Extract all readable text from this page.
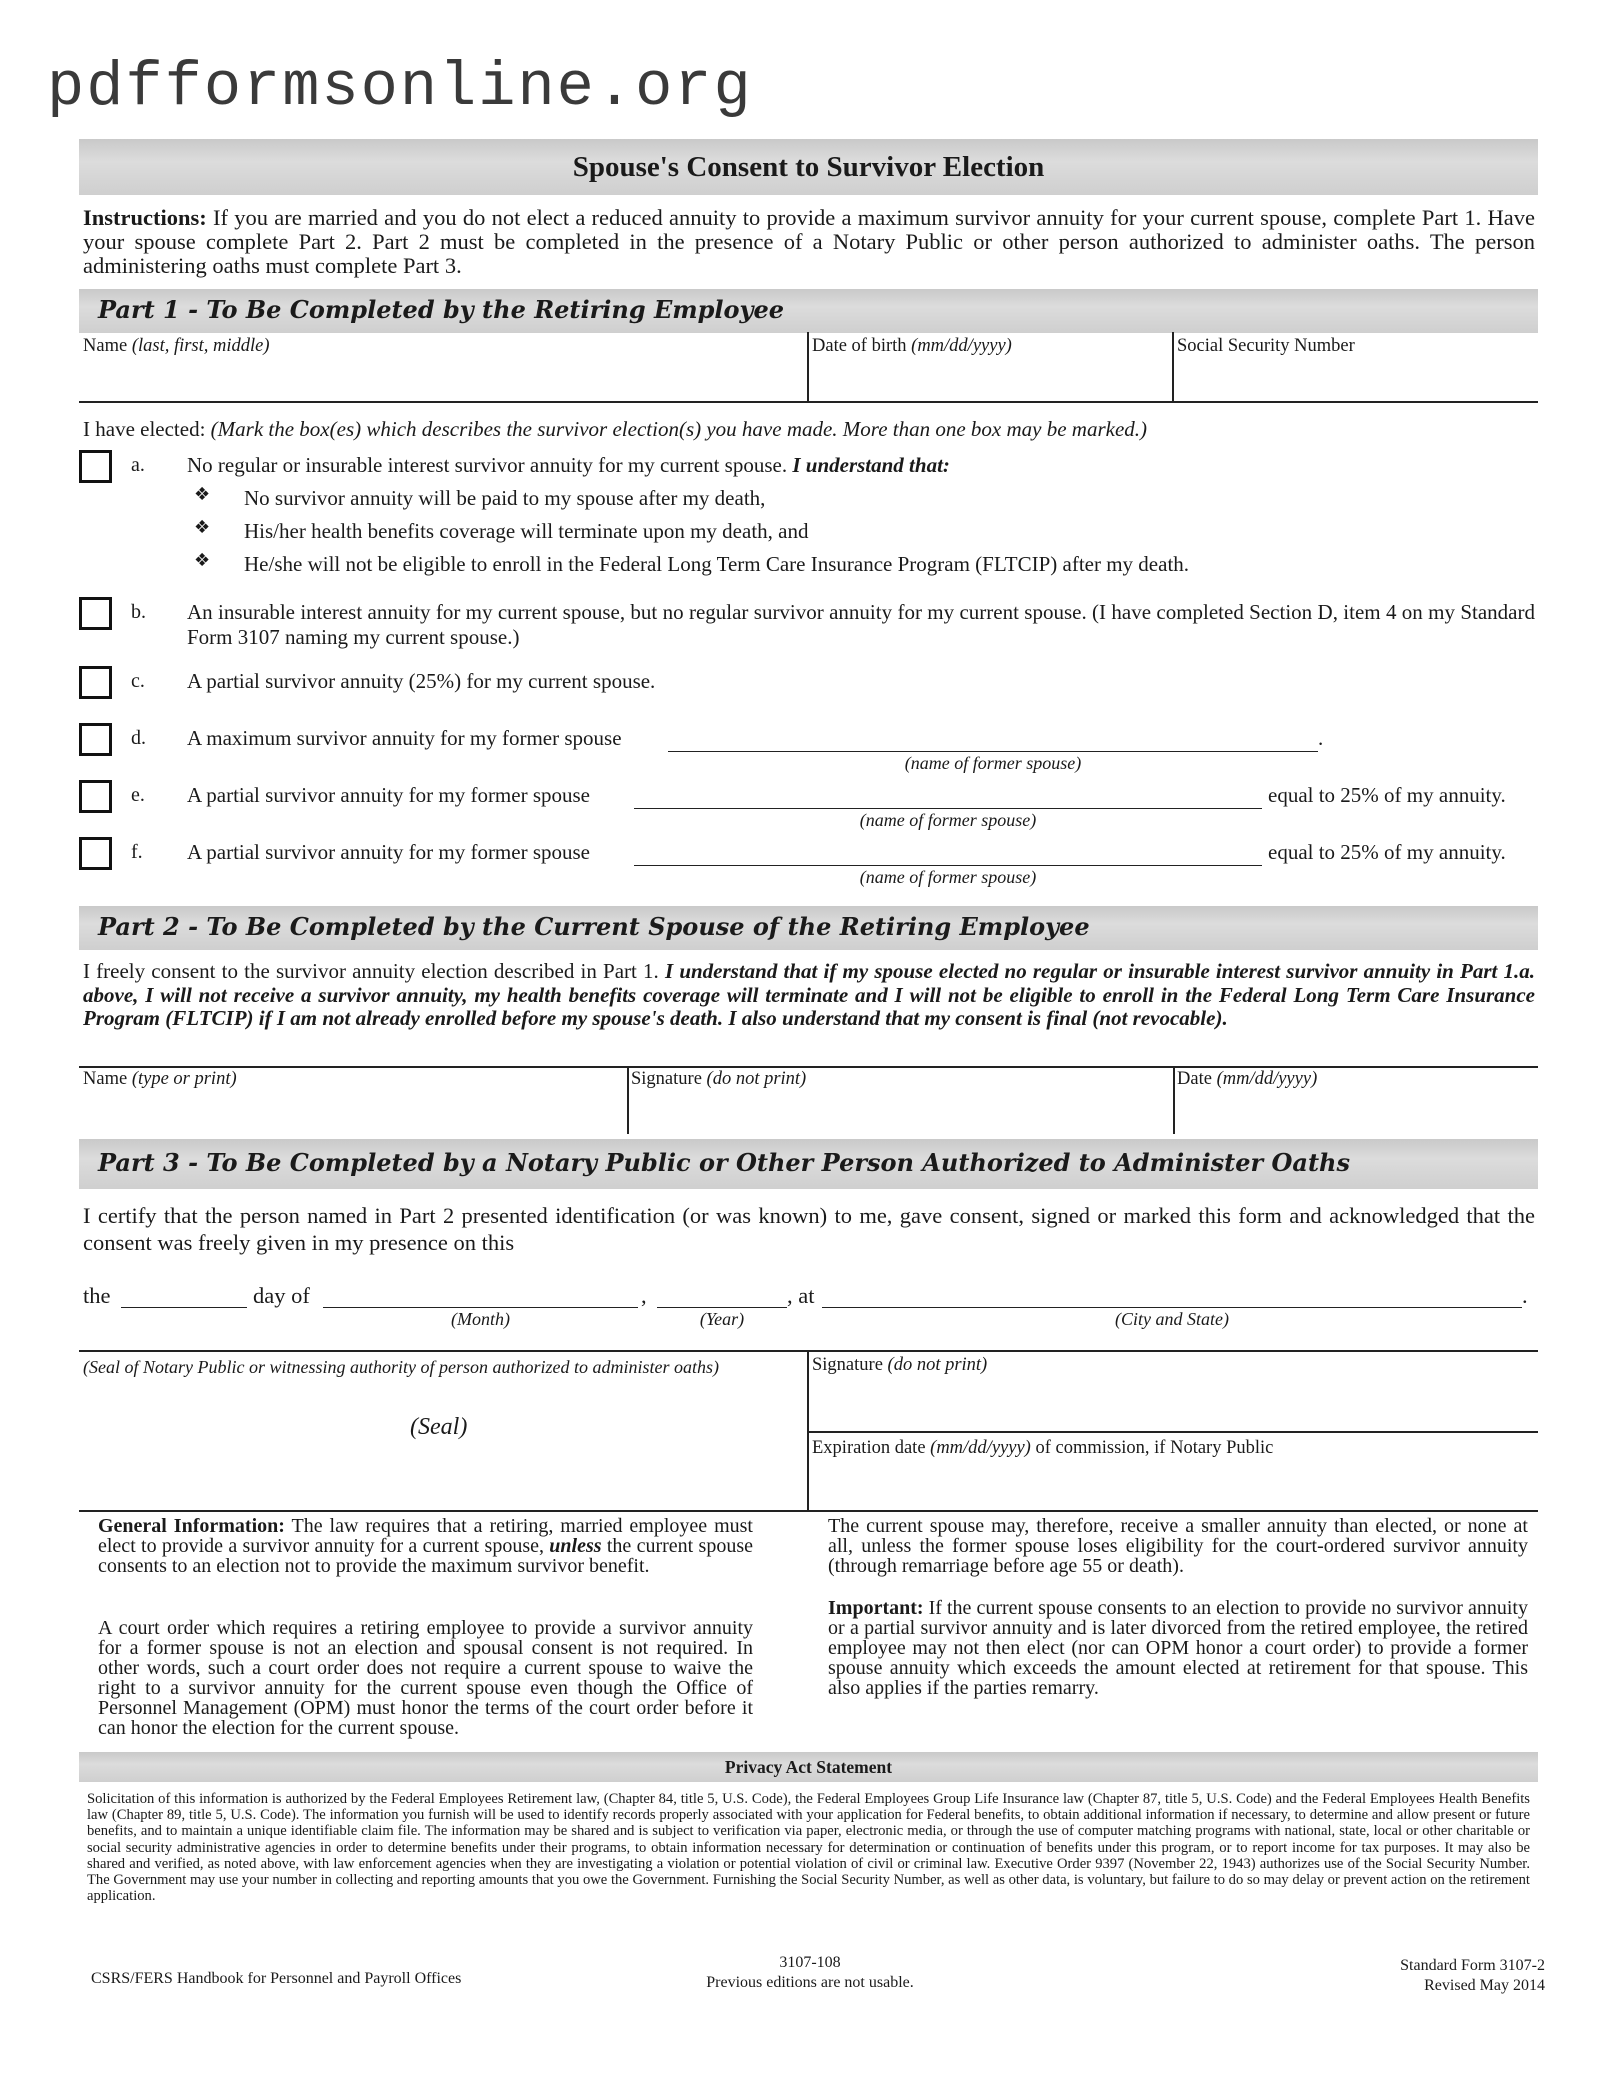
pdfformsonline.org
Spouse's Consent to Survivor Election
Instructions: If you are married and you do not elect a reduced annuity to provide a maximum survivor annuity for your current spouse, complete Part 1. Have your spouse complete Part 2. Part 2 must be completed in the presence of a Notary Public or other person authorized to administer oaths. The person administering oaths must complete Part 3.
Part 1 - To Be Completed by the Retiring Employee
Name (last, first, middle)	Date of birth (mm/dd/yyyy)	Social Security Number
I have elected: (Mark the box(es) which describes the survivor election(s) you have made. More than one box may be marked.)
a. No regular or insurable interest survivor annuity for my current spouse. I understand that:
❖ No survivor annuity will be paid to my spouse after my death,
❖ His/her health benefits coverage will terminate upon my death, and
❖ He/she will not be eligible to enroll in the Federal Long Term Care Insurance Program (FLTCIP) after my death.
b. An insurable interest annuity for my current spouse, but no regular survivor annuity for my current spouse. (I have completed Section D, item 4 on my Standard Form 3107 naming my current spouse.)
c. A partial survivor annuity (25%) for my current spouse.
d. A maximum survivor annuity for my former spouse	.
(name of former spouse)
e. A partial survivor annuity for my former spouse	equal to 25% of my annuity.
(name of former spouse)
f. A partial survivor annuity for my former spouse	equal to 25% of my annuity.
(name of former spouse)
Part 2 - To Be Completed by the Current Spouse of the Retiring Employee
I freely consent to the survivor annuity election described in Part 1. I understand that if my spouse elected no regular or insurable interest survivor annuity in Part 1.a. above, I will not receive a survivor annuity, my health benefits coverage will terminate and I will not be eligible to enroll in the Federal Long Term Care Insurance Program (FLTCIP) if I am not already enrolled before my spouse's death. I also understand that my consent is final (not revocable).
Name (type or print)	Signature (do not print)	Date (mm/dd/yyyy)
Part 3 - To Be Completed by a Notary Public or Other Person Authorized to Administer Oaths
I certify that the person named in Part 2 presented identification (or was known) to me, gave consent, signed or marked this form and acknowledged that the consent was freely given in my presence on this
the	day of
(Month)
,
(Year)
, at
(City and State)
.
(Seal of Notary Public or witnessing authority of person authorized to administer oaths)
(Seal)
Signature (do not print)
Expiration date (mm/dd/yyyy) of commission, if Notary Public
General Information: The law requires that a retiring, married employee must elect to provide a survivor annuity for a current spouse, unless the current spouse consents to an election not to provide the maximum survivor benefit.
A court order which requires a retiring employee to provide a survivor annuity for a former spouse is not an election and spousal consent is not required. In other words, such a court order does not require a current spouse to waive the right to a survivor annuity for the current spouse even though the Office of Personnel Management (OPM) must honor the terms of the court order before it can honor the election for the current spouse.
The current spouse may, therefore, receive a smaller annuity than elected, or none at all, unless the former spouse loses eligibility for the court-ordered survivor annuity (through remarriage before age 55 or death).
Important: If the current spouse consents to an election to provide no survivor annuity or a partial survivor annuity and is later divorced from the retired employee, the retired employee may not then elect (nor can OPM honor a court order) to provide a former spouse annuity which exceeds the amount elected at retirement for that spouse. This also applies if the parties remarry.
Privacy Act Statement
Solicitation of this information is authorized by the Federal Employees Retirement law, (Chapter 84, title 5, U.S. Code), the Federal Employees Group Life Insurance law (Chapter 87, title 5, U.S. Code) and the Federal Employees Health Benefits law (Chapter 89, title 5, U.S. Code). The information you furnish will be used to identify records properly associated with your application for Federal benefits, to obtain additional information if necessary, to determine and allow present or future benefits, and to maintain a unique identifiable claim file. The information may be shared and is subject to verification via paper, electronic media, or through the use of computer matching programs with national, state, local or other charitable or social security administrative agencies in order to determine benefits under their programs, to obtain information necessary for determination or continuation of benefits under this program, or to report income for tax purposes. It may also be shared and verified, as noted above, with law enforcement agencies when they are investigating a violation or potential violation of civil or criminal law. Executive Order 9397 (November 22, 1943) authorizes use of the Social Security Number. The Government may use your number in collecting and reporting amounts that you owe the Government. Furnishing the Social Security Number, as well as other data, is voluntary, but failure to do so may delay or prevent action on the retirement application.
CSRS/FERS Handbook for Personnel and Payroll Offices
3107-108
Previous editions are not usable.
Standard Form 3107-2
Revised May 2014
